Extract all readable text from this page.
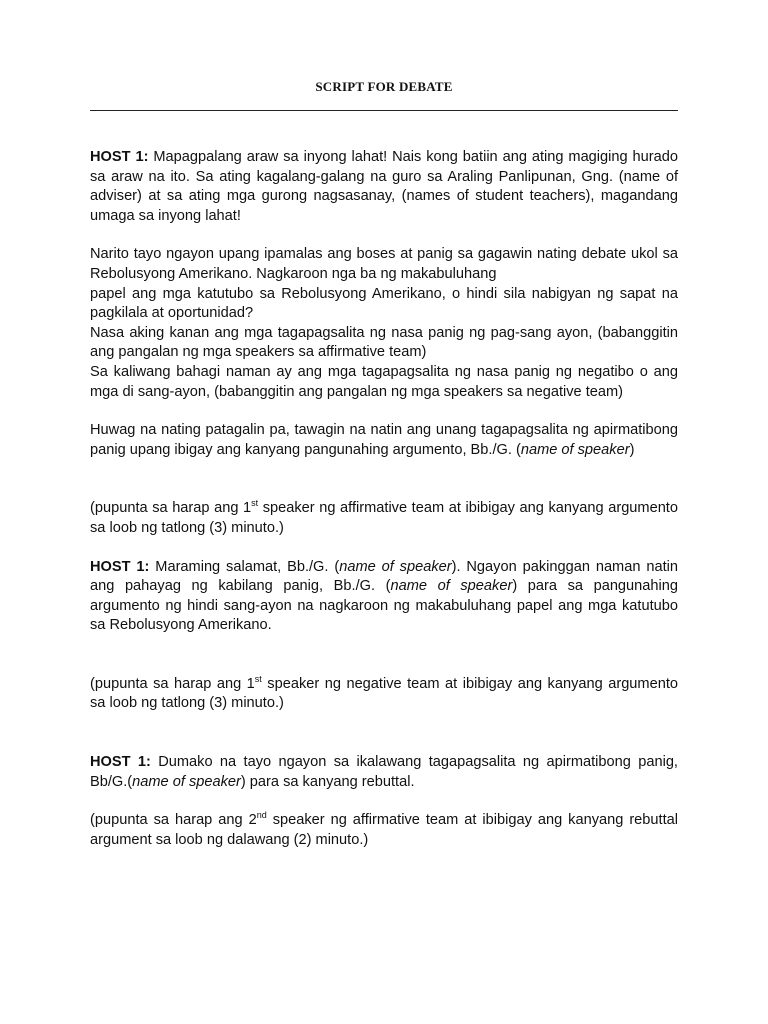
SCRIPT FOR DEBATE

HOST 1: Mapagpalang araw sa inyong lahat! Nais kong batiin ang ating magiging hurado sa araw na ito. Sa ating kagalang-galang na guro sa Araling Panlipunan, Gng. (name of adviser) at sa ating mga gurong nagsasanay, (names of student teachers), magandang umaga sa inyong lahat!

Narito tayo ngayon upang ipamalas ang boses at panig sa gagawin nating debate ukol sa Rebolusyong Amerikano. Nagkaroon nga ba ng makabuluhang

papel ang mga katutubo sa Rebolusyong Amerikano, o hindi sila nabigyan ng sapat na pagkilala at oportunidad?

Nasa aking kanan ang mga tagapagsalita ng nasa panig ng pag-sang ayon, (babanggitin ang pangalan ng mga speakers sa affirmative team)

Sa kaliwang bahagi naman ay ang mga tagapagsalita ng nasa panig ng negatibo o ang mga di sang-ayon, (babanggitin ang pangalan ng mga speakers sa negative team)

Huwag na nating patagalin pa, tawagin na natin ang unang tagapagsalita ng apirmatibong panig upang ibigay ang kanyang pangunahing argumento, Bb./G. (name of speaker)

(pupunta sa harap ang 1st speaker ng affirmative team at ibibigay ang kanyang argumento sa loob ng tatlong (3) minuto.)

HOST 1: Maraming salamat, Bb./G. (name of speaker). Ngayon pakinggan naman natin ang pahayag ng kabilang panig, Bb./G. (name of speaker) para sa pangunahing argumento ng hindi sang-ayon na nagkaroon ng makabuluhang papel ang mga katutubo sa Rebolusyong Amerikano.

(pupunta sa harap ang 1st speaker ng negative team at ibibigay ang kanyang argumento sa loob ng tatlong (3) minuto.)

HOST 1: Dumako na tayo ngayon sa ikalawang tagapagsalita ng apirmatibong panig, Bb/G.(name of speaker) para sa kanyang rebuttal.

(pupunta sa harap ang 2nd speaker ng affirmative team at ibibigay ang kanyang rebuttal argument sa loob ng dalawang (2) minuto.)
